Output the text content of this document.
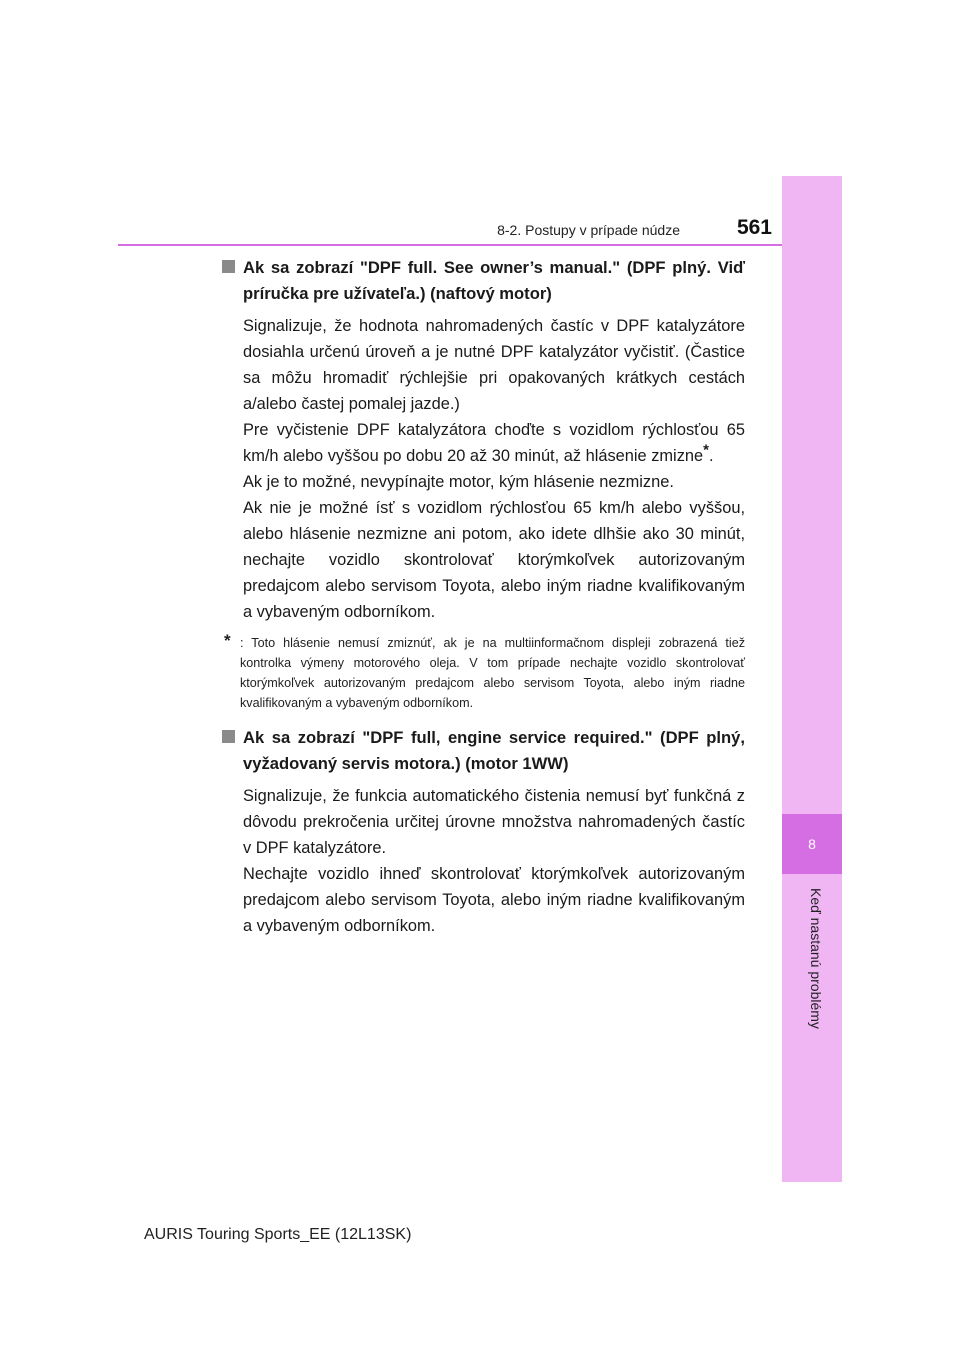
8
Keď nastanú problémy
8-2. Postupy v prípade núdze	561
Ak sa zobrazí "DPF full. See owner’s manual." (DPF plný. Viď príručka pre užívateľa.) (naftový motor)

Signalizuje, že hodnota nahromadených častíc v DPF katalyzátore dosiahla určenú úroveň a je nutné DPF katalyzátor vyčistiť. (Častice sa môžu hromadiť rýchlejšie pri opakovaných krátkych cestách a/alebo častej pomalej jazde.)

Pre vyčistenie DPF katalyzátora choďte s vozidlom rýchlosťou 65 km/h alebo vyššou po dobu 20 až 30 minút, až hlásenie zmizne*.

Ak je to možné, nevypínajte motor, kým hlásenie nezmizne.

Ak nie je možné ísť s vozidlom rýchlosťou 65 km/h alebo vyššou, alebo hlásenie nezmizne ani potom, ako idete dlhšie ako 30 minút, nechajte vozidlo skontrolovať ktorýmkoľvek autorizovaným predajcom alebo servisom Toyota, alebo iným riadne kvalifikovaným a vybaveným odborníkom.

* : Toto hlásenie nemusí zmiznúť, ak je na multiinformačnom displeji zobrazená tiež kontrolka výmeny motorového oleja. V tom prípade nechajte vozidlo skontrolovať ktorýmkoľvek autorizovaným predajcom alebo servisom Toyota, alebo iným riadne kvalifikovaným a vybaveným odborníkom.
Ak sa zobrazí "DPF full, engine service required." (DPF plný, vyžadovaný servis motora.) (motor 1WW)

Signalizuje, že funkcia automatického čistenia nemusí byť funkčná z dôvodu prekročenia určitej úrovne množstva nahromadených častíc v DPF katalyzátore.

Nechajte vozidlo ihneď skontrolovať ktorýmkoľvek autorizovaným predajcom alebo servisom Toyota, alebo iným riadne kvalifikovaným a vybaveným odborníkom.

AURIS Touring Sports_EE (12L13SK)
